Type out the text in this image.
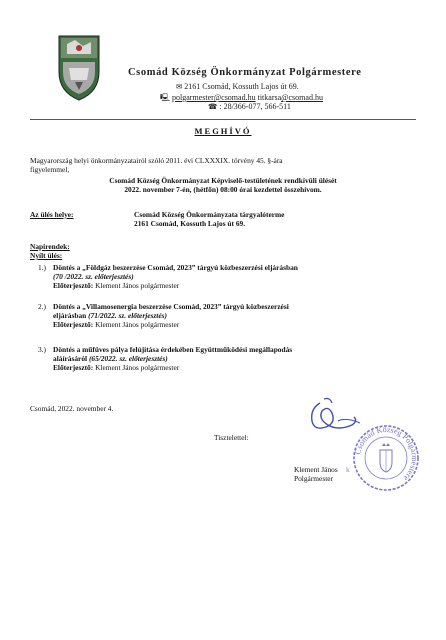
Csomád Község Önkormányzat Polgármestere
✉ 2161 Csomád, Kossuth Lajos út 69.
🖳 polgarmester@csomad.hu titkarsa@csomad.hu
☎ : 28/366-077, 566-511
MEGHÍVÓ
Magyarország helyi önkormányzatairól szóló 2011. évi CLXXXIX. törvény 45. §-ára
figyelemmel,
Csomád Község Önkormányzat Képviselő-testületének rendkívüli ülését
2022. november 7-én, (hétfőn) 08:00 órai kezdettel összehívom.
Az ülés helye:	Csomád Község Önkormányzata tárgyalóterme
2161 Csomád, Kossuth Lajos út 69.
Napirendek:
Nyílt ülés:
1.) Döntés a „Földgáz beszerzése Csomád, 2023” tárgyú közbeszerzési eljárásban
(70 /2022. sz. előterjesztés)
Előterjesztő: Klement János polgármester
2.) Döntés a „Villamosenergia beszerzése Csomád, 2023” tárgyú közbeszerzési
eljárásban (71/2022. sz. előterjesztés)
Előterjesztő: Klement János polgármester
3.) Döntés a műfüves pálya felújítása érdekében Együttműködési megállapodás
aláírásáról (65/2022. sz. előterjesztés)
Előterjesztő: Klement János polgármester
Csomád, 2022. november 4.
Tisztelettel:
Klement János
Polgármester
k
Csomád Község Polgármestere
